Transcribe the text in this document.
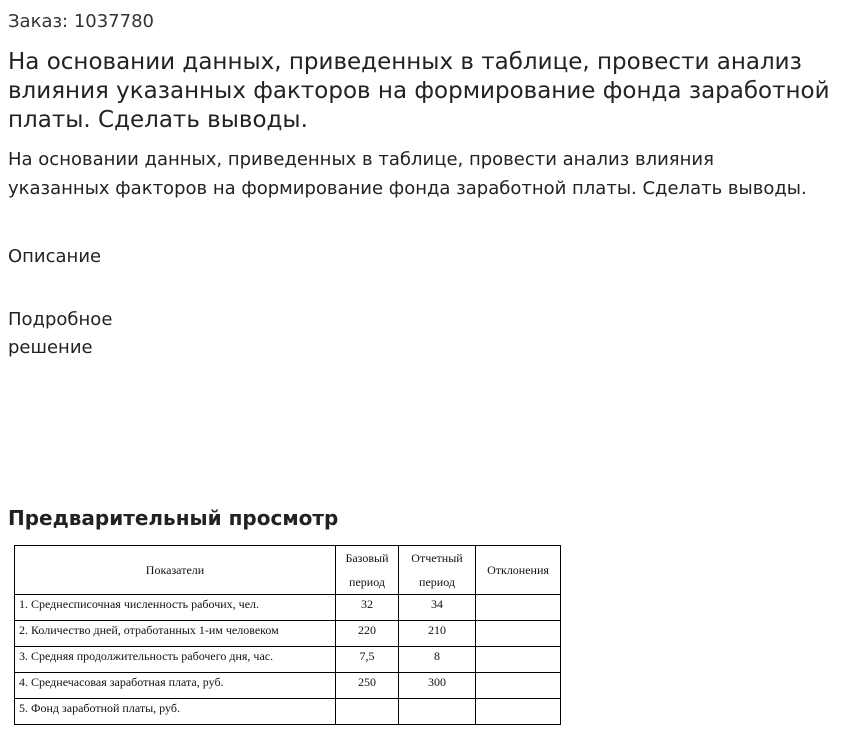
Заказ: 1037780
На основании данных, приведенных в таблице, провести анализ влияния указанных факторов на формирование фонда заработной платы. Сделать выводы.

На основании данных, приведенных в таблице, провести анализ влияния указанных факторов на формирование фонда заработной платы. Сделать выводы.

Описание
Подробное решение
Предварительный просмотр
Показатели	Базовый период	Отчетный период	Отклонения
1. Среднесписочная численность рабочих, чел.	32	34	
2. Количество дней, отработанных 1-им человеком	220	210	
3. Средняя продолжительность рабочего дня, час.	7,5	8	
4. Среднечасовая заработная плата, руб.	250	300	
5. Фонд заработной платы, руб.			
